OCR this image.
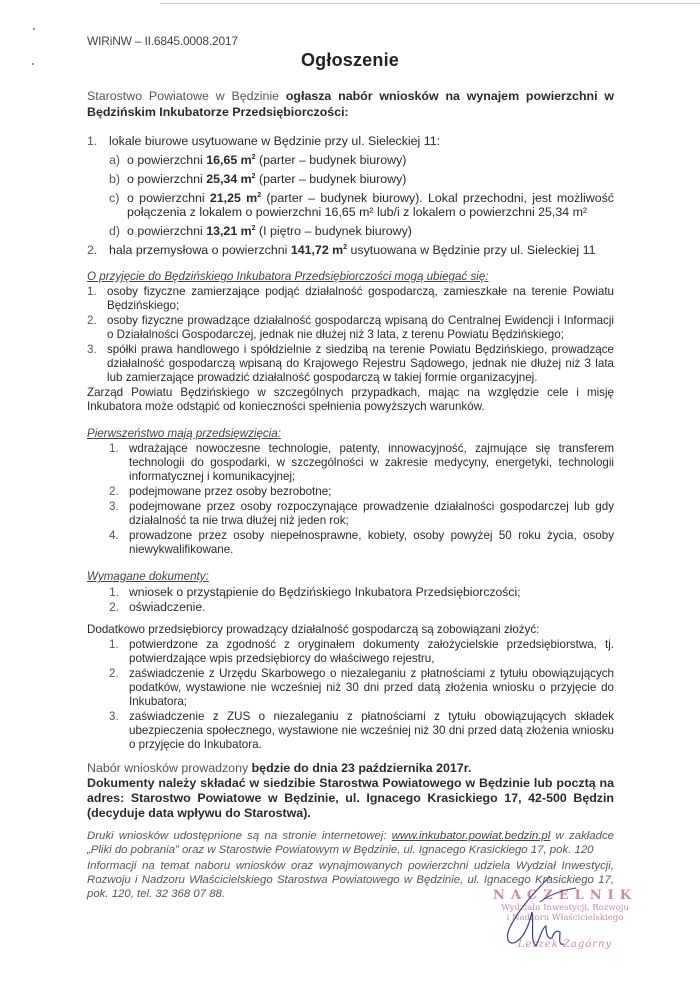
WIRiNW – II.6845.0008.2017
Ogłoszenie
Starostwo Powiatowe w Będzinie ogłasza nabór wniosków na wynajem powierzchni w Będzińskim Inkubatorze Przedsiębiorczości:
1. lokale biurowe usytuowane w Będzinie przy ul. Sieleckiej 11:
a) o powierzchni 16,65 $m^2$ (parter – budynek biurowy)
b) o powierzchni 25,34 $m^2$ (parter – budynek biurowy)
c) o powierzchni 21,25 $m^2$ (parter – budynek biurowy). Lokal przechodni, jest możliwość połączenia z lokalem o powierzchni 16,65 m² lub/i z lokalem o powierzchni 25,34 m²
d) o powierzchni 13,21 $m^2$ (I piętro – budynek biurowy)
2. hala przemysłowa o powierzchni 141,72 $m^2$ usytuowana w Będzinie przy ul. Sieleckiej 11
O przyjęcie do Będzińskiego Inkubatora Przedsiębiorczości mogą ubiegać się:
1. osoby fizyczne zamierzające podjąć działalność gospodarczą, zamieszkałe na terenie Powiatu Będzińskiego;
2. osoby fizyczne prowadzące działalność gospodarczą wpisaną do Centralnej Ewidencji i Informacji o Działalności Gospodarczej, jednak nie dłużej niż 3 lata, z terenu Powiatu Będzińskiego;
3. spółki prawa handlowego i spółdzielnie z siedzibą na terenie Powiatu Będzińskiego, prowadzące działalność gospodarczą wpisaną do Krajowego Rejestru Sądowego, jednak nie dłużej niż 3 lata lub zamierzające prowadzić działalność gospodarczą w takiej formie organizacyjnej.
Zarząd Powiatu Będzińskiego w szczególnych przypadkach, mając na względzie cele i misję Inkubatora może odstąpić od konieczności spełnienia powyższych warunków.
Pierwszeństwo mają przedsięwzięcia:
1. wdrażające nowoczesne technologie, patenty, innowacyjność, zajmujące się transferem technologii do gospodarki, w szczególności w zakresie medycyny, energetyki, technologii informatycznej i komunikacyjnej;
2. podejmowane przez osoby bezrobotne;
3. podejmowane przez osoby rozpoczynające prowadzenie działalności gospodarczej lub gdy działalność ta nie trwa dłużej niż jeden rok;
4. prowadzone przez osoby niepełnosprawne, kobiety, osoby powyżej 50 roku życia, osoby niewykwalifikowane.
Wymagane dokumenty:
1. wniosek o przystąpienie do Będzińskiego Inkubatora Przedsiębiorczości;
2. oświadczenie.
Dodatkowo przedsiębiorcy prowadzący działalność gospodarczą są zobowiązani złożyć:
1. potwierdzone za zgodność z oryginałem dokumenty założycielskie przedsiębiorstwa, tj. potwierdzające wpis przedsiębiorcy do właściwego rejestru,
2. zaświadczenie z Urzędu Skarbowego o niezaleganiu z płatnościami z tytułu obowiązujących podatków, wystawione nie wcześniej niż 30 dni przed datą złożenia wniosku o przyjęcie do Inkubatora;
3. zaświadczenie z ZUS o niezaleganiu z płatnościami z tytułu obowiązujących składek ubezpieczenia społecznego, wystawione nie wcześniej niż 30 dni przed datą złożenia wniosku o przyjęcie do Inkubatora.
Nabór wniosków prowadzony będzie do dnia 23 października 2017r.
Dokumenty należy składać w siedzibie Starostwa Powiatowego w Będzinie lub pocztą na adres: Starostwo Powiatowe w Będzinie, ul. Ignacego Krasickiego 17, 42-500 Będzin (decyduje data wpływu do Starostwa).
Druki wniosków udostępnione są na stronie internetowej: www.inkubator.powiat.bedzin.pl w zakładce „Pliki do pobrania” oraz w Starostwie Powiatowym w Będzinie, ul. Ignacego Krasickiego 17, pok. 120
Informacji na temat naboru wniosków oraz wynajmowanych powierzchni udziela Wydział Inwestycji, Rozwoju i Nadzoru Właścicielskiego Starostwa Powiatowego w Będzinie, ul. Ignacego Krasickiego 17, pok. 120, tel. 32 368 07 88.	NACZELNIK
Wydziału Inwestycji, Rozwoju
i Nadzoru Właścicielskiego
Leszek Zagórny
